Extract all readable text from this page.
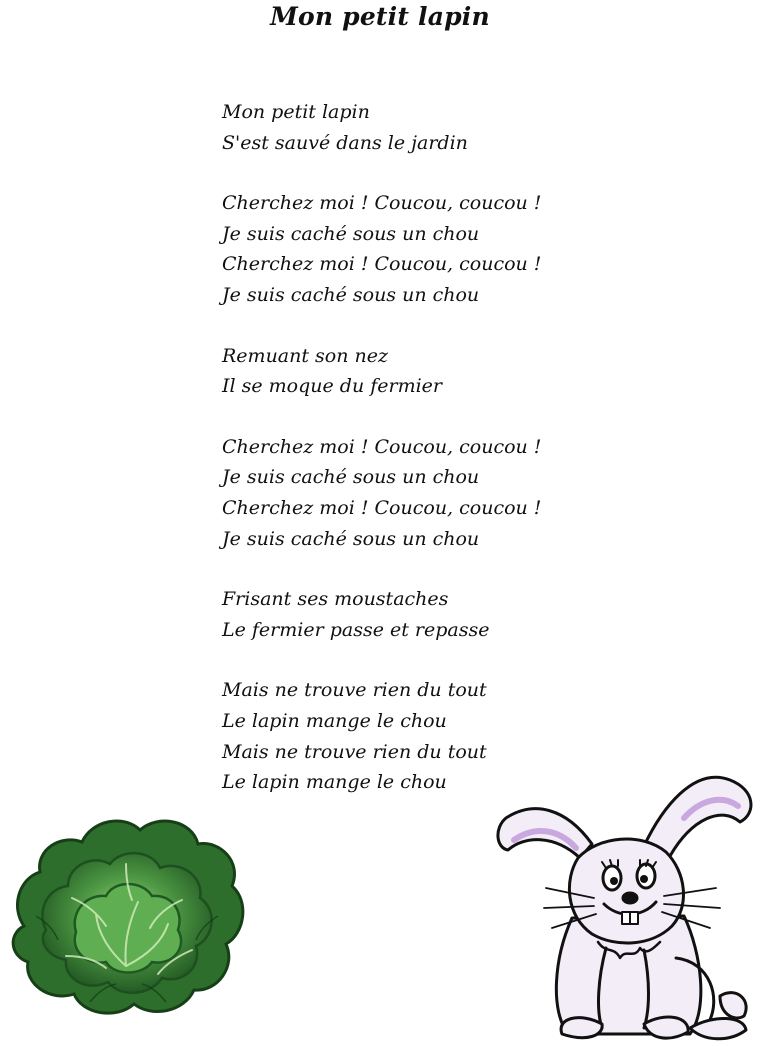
Mon petit lapin
Mon petit lapin
S'est sauvé dans le jardin
Cherchez moi ! Coucou, coucou !
Je suis caché sous un chou
Cherchez moi ! Coucou, coucou !
Je suis caché sous un chou
Remuant son nez
Il se moque du fermier
Cherchez moi ! Coucou, coucou !
Je suis caché sous un chou
Cherchez moi ! Coucou, coucou !
Je suis caché sous un chou
Frisant ses moustaches
Le fermier passe et repasse
Mais ne trouve rien du tout
Le lapin mange le chou
Mais ne trouve rien du tout
Le lapin mange le chou
